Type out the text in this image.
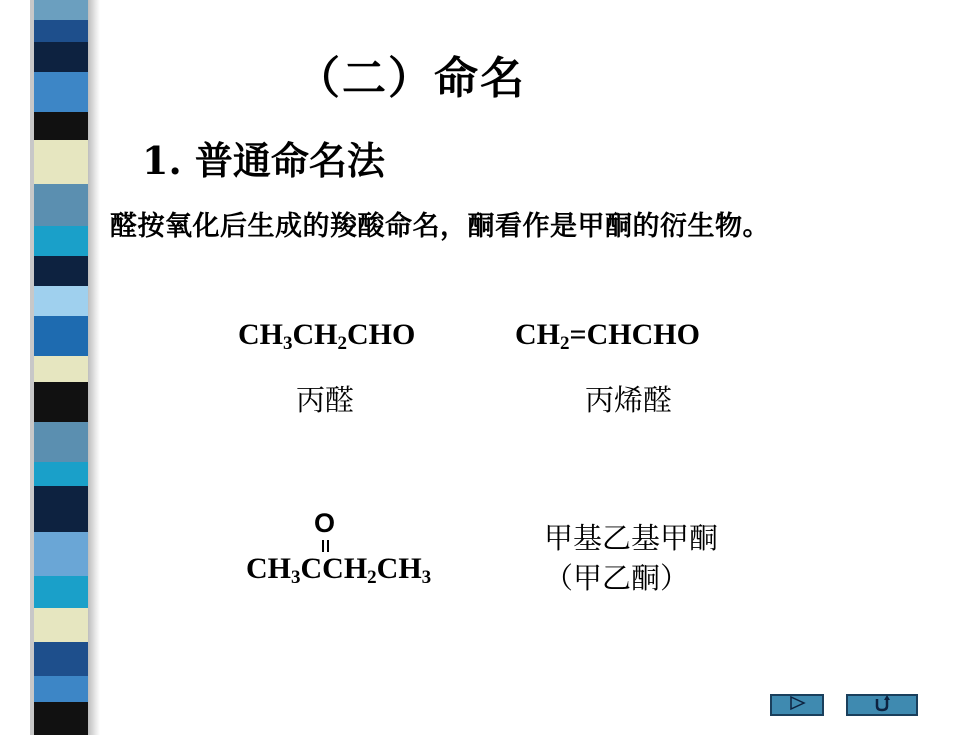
（二）命名
1. 普通命名法
醛按氧化后生成的羧酸命名，酮看作是甲酮的衍生物。
$CH_3CH_2CHO$
丙醛
$CH_2=CHCHO$
丙烯醛
O
$CH_3CCH_2CH_3$
甲基乙基甲酮
（甲乙酮）
